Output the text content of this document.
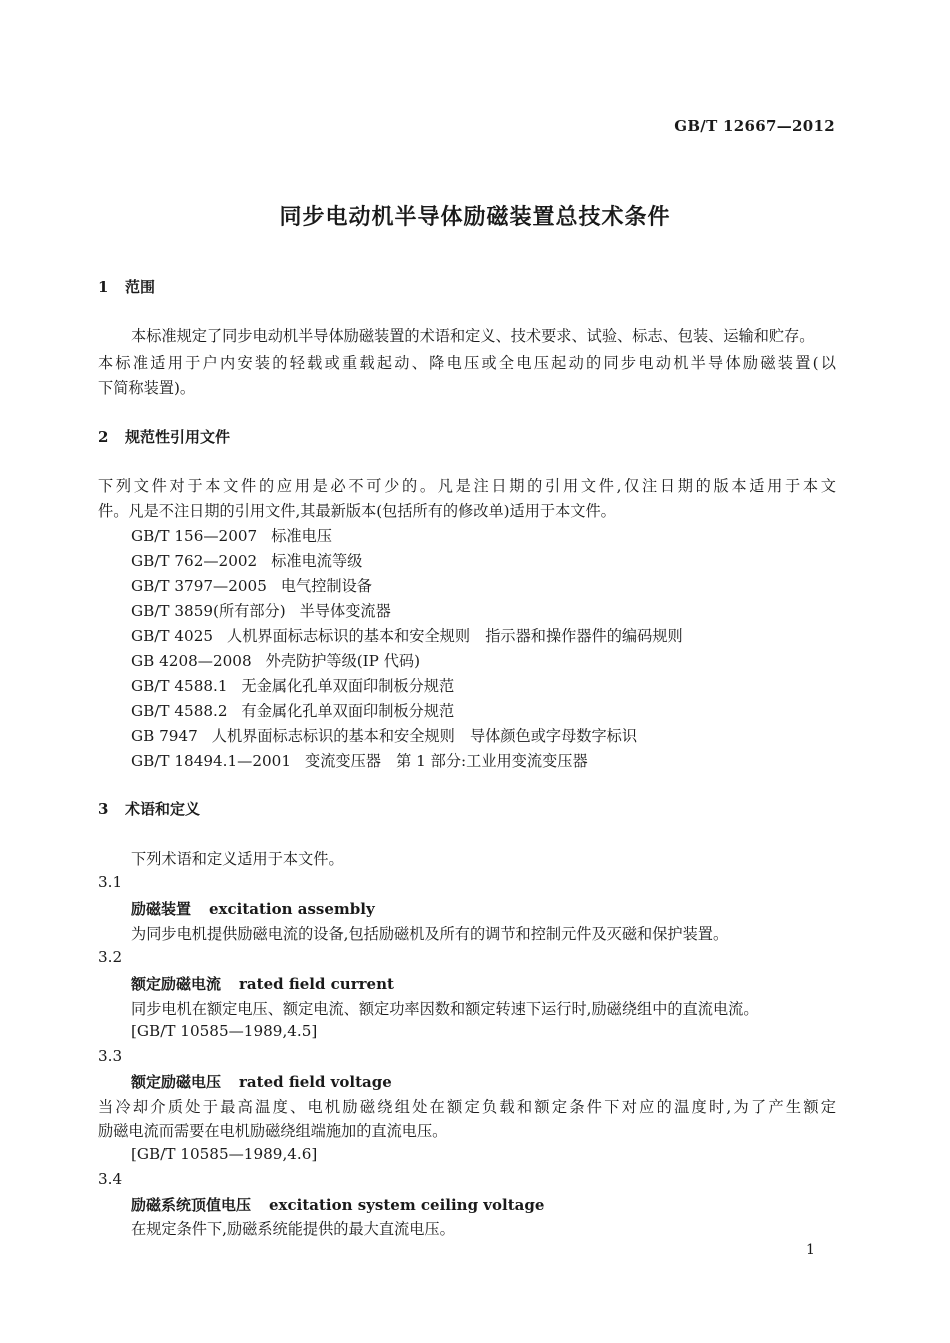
GB/T 12667—2012
同步电动机半导体励磁装置总技术条件
1 范围
本标准规定了同步电动机半导体励磁装置的术语和定义、技术要求、试验、标志、包装、运输和贮存。
本标准适用于户内安装的轻载或重载起动、降电压或全电压起动的同步电动机半导体励磁装置(以
下简称装置)。
2 规范性引用文件
下列文件对于本文件的应用是必不可少的。凡是注日期的引用文件,仅注日期的版本适用于本文
件。凡是不注日期的引用文件,其最新版本(包括所有的修改单)适用于本文件。
GB/T 156—2007 标准电压
GB/T 762—2002 标准电流等级
GB/T 3797—2005 电气控制设备
GB/T 3859(所有部分) 半导体变流器
GB/T 4025 人机界面标志标识的基本和安全规则　指示器和操作器件的编码规则
GB 4208—2008 外壳防护等级(IP 代码)
GB/T 4588.1 无金属化孔单双面印制板分规范
GB/T 4588.2 有金属化孔单双面印制板分规范
GB 7947 人机界面标志标识的基本和安全规则　导体颜色或字母数字标识
GB/T 18494.1—2001 变流变压器　第 1 部分:工业用变流变压器
3 术语和定义
下列术语和定义适用于本文件。
3.1
励磁装置 excitation assembly
为同步电机提供励磁电流的设备,包括励磁机及所有的调节和控制元件及灭磁和保护装置。
3.2
额定励磁电流 rated field current
同步电机在额定电压、额定电流、额定功率因数和额定转速下运行时,励磁绕组中的直流电流。
[GB/T 10585—1989,4.5]
3.3
额定励磁电压 rated field voltage
当冷却介质处于最高温度、电机励磁绕组处在额定负载和额定条件下对应的温度时,为了产生额定
励磁电流而需要在电机励磁绕组端施加的直流电压。
[GB/T 10585—1989,4.6]
3.4
励磁系统顶值电压 excitation system ceiling voltage
在规定条件下,励磁系统能提供的最大直流电压。
1
